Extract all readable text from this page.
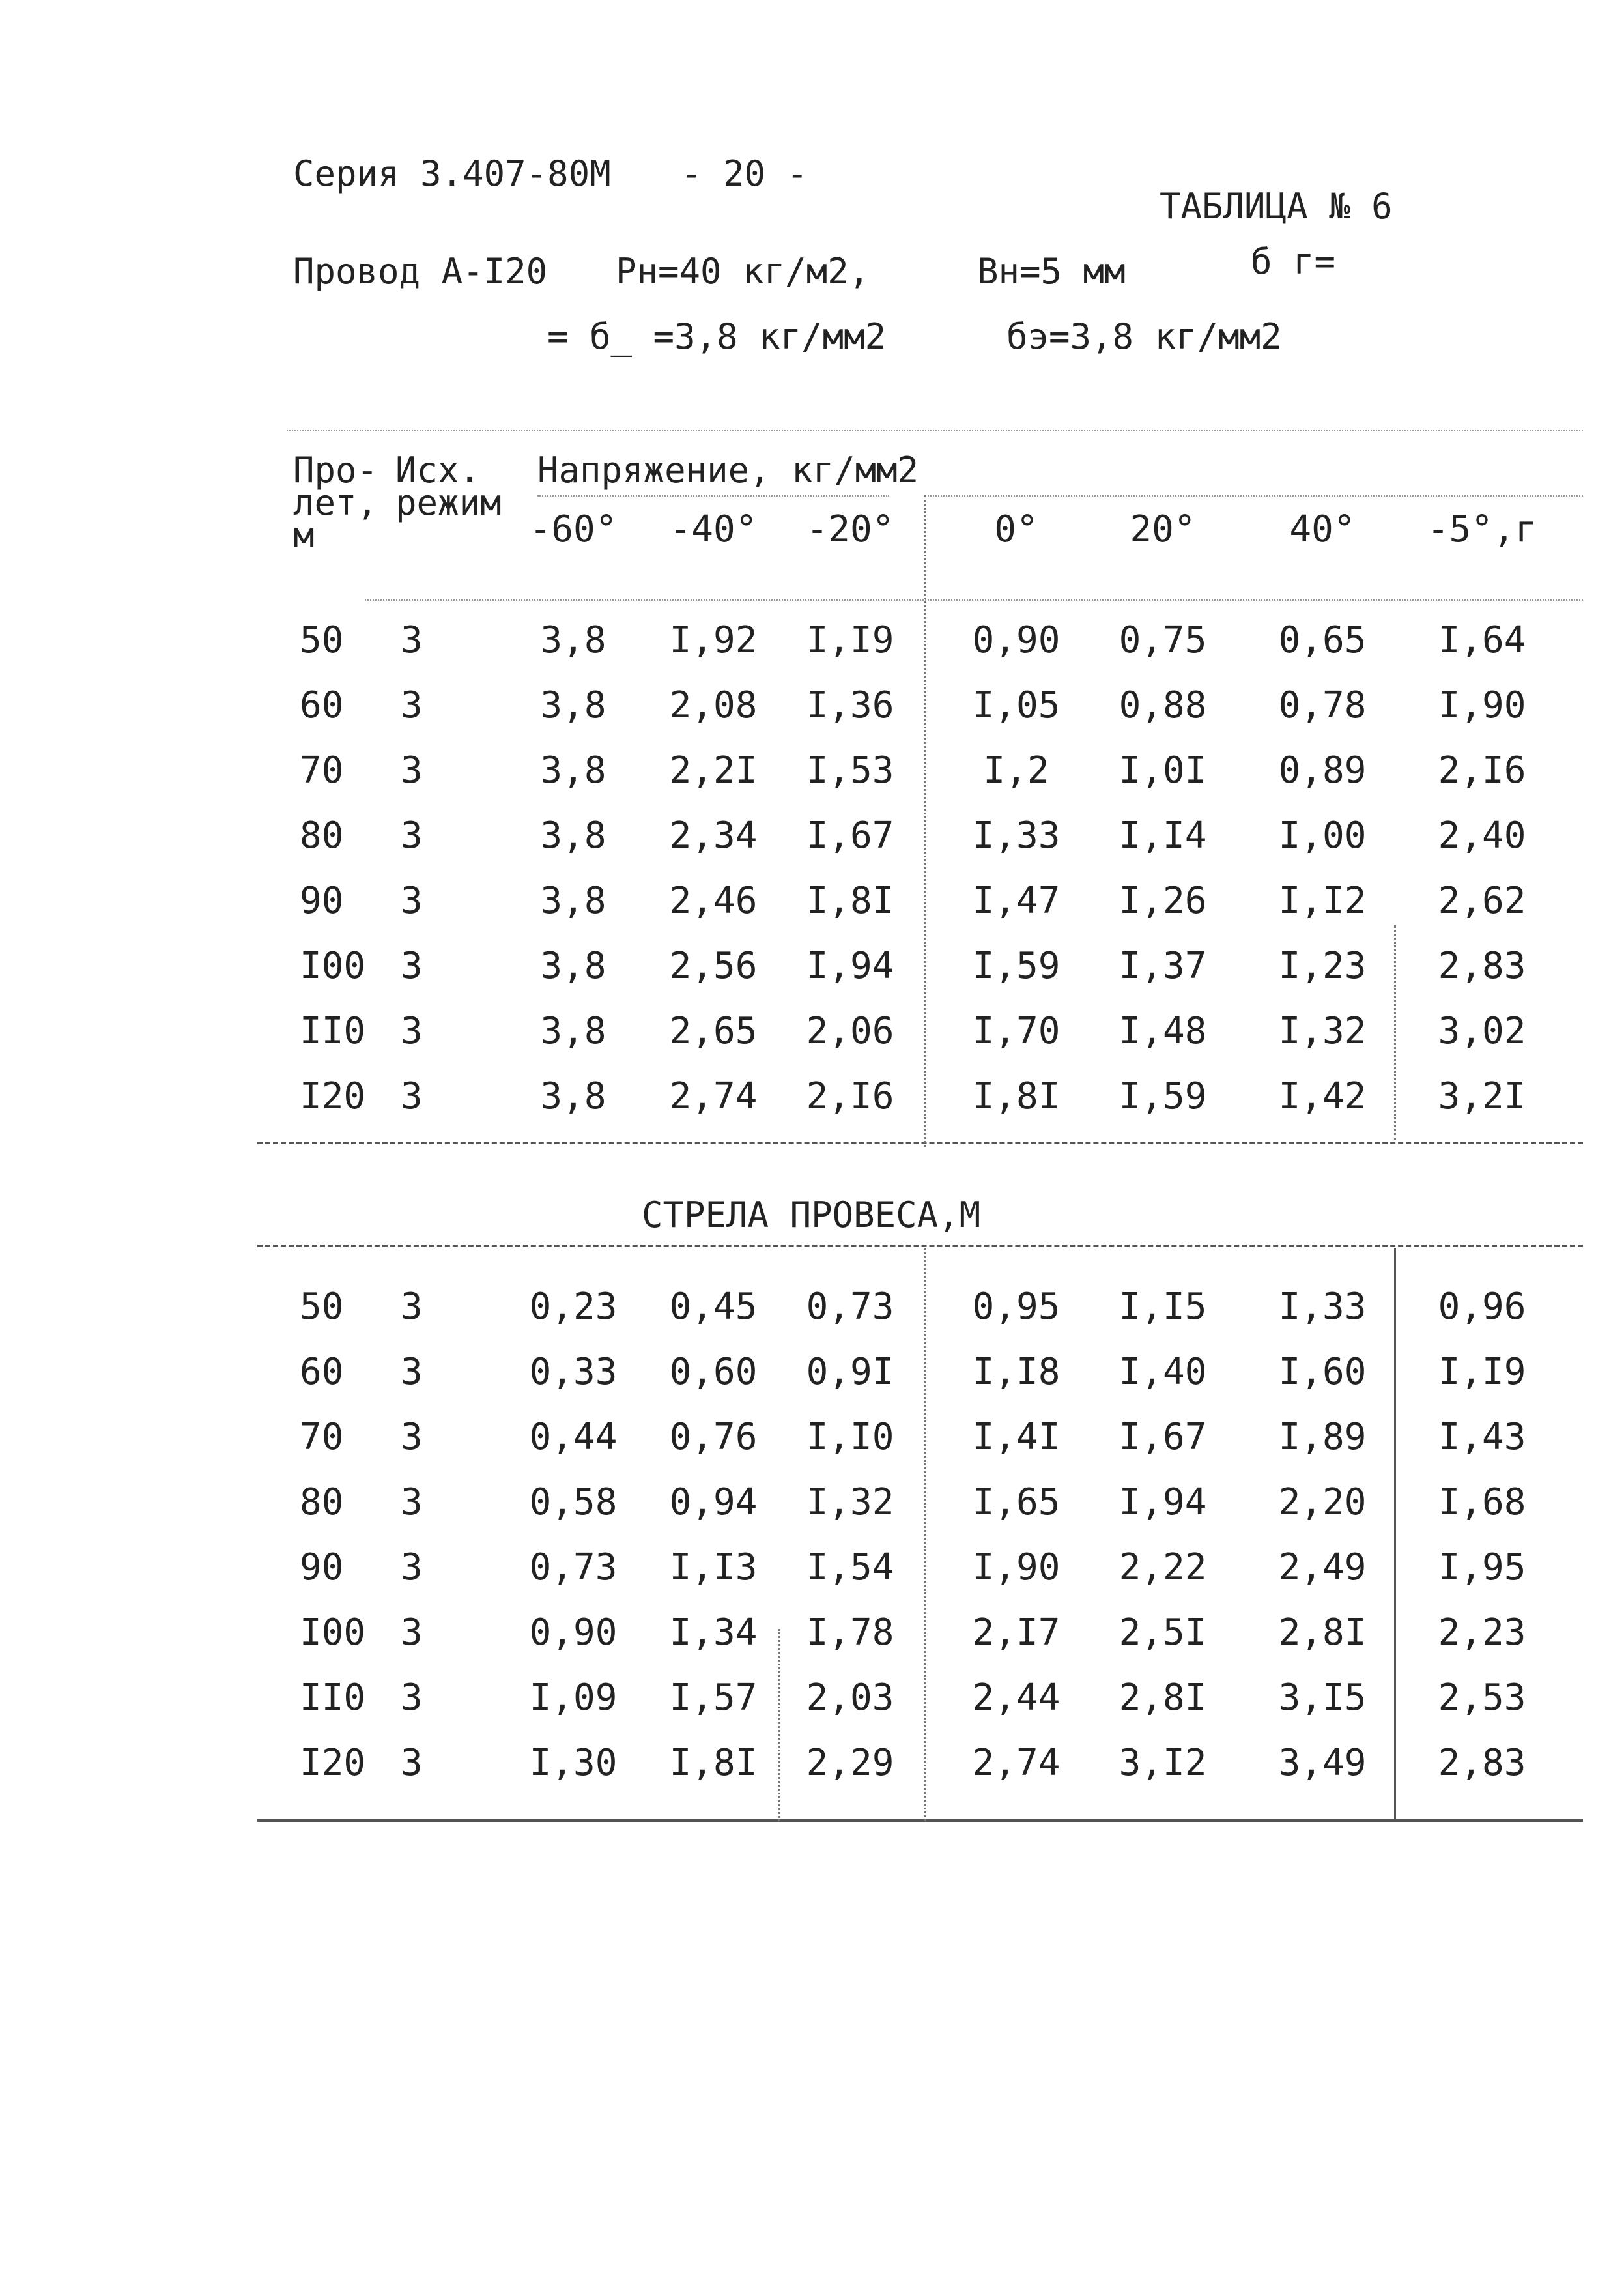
Серия 3.407-80М - 20 -
ТАБЛИЦА № 6
Провод А-I20 Pн=40 кг/м2,	Вн=5 мм	б г=
= б_ =3,8 кг/мм2	бэ=3,8 кг/мм2
Про-
лет,
м
Исх.
режим
Напряжение, кг/мм2
-60°	-40°	-20°	0°	20°	40°	-5°,г
50 3	3,8	I,92	I,I9	0,90	0,75	0,65	I,64
60 3	3,8	2,08	I,36	I,05	0,88	0,78	I,90
70 3	3,8	2,2I	I,53	I,2	I,0I	0,89	2,I6
80 3	3,8	2,34	I,67	I,33	I,I4	I,00	2,40
90 3	3,8	2,46	I,8I	I,47	I,26	I,I2	2,62
I00 3	3,8	2,56	I,94	I,59	I,37	I,23	2,83
II0 3	3,8	2,65	2,06	I,70	I,48	I,32	3,02
I20 3	3,8	2,74	2,I6	I,8I	I,59	I,42	3,2I
СТРЕЛА ПРОВЕСА,М
50 3	0,23	0,45	0,73	0,95	I,I5	I,33	0,96
60 3	0,33	0,60	0,9I	I,I8	I,40	I,60	I,I9
70 3	0,44	0,76	I,I0	I,4I	I,67	I,89	I,43
80 3	0,58	0,94	I,32	I,65	I,94	2,20	I,68
90 3	0,73	I,I3	I,54	I,90	2,22	2,49	I,95
I00 3	0,90	I,34	I,78	2,I7	2,5I	2,8I	2,23
II0 3	I,09	I,57	2,03	2,44	2,8I	3,I5	2,53
I20 3	I,30	I,8I	2,29	2,74	3,I2	3,49	2,83
